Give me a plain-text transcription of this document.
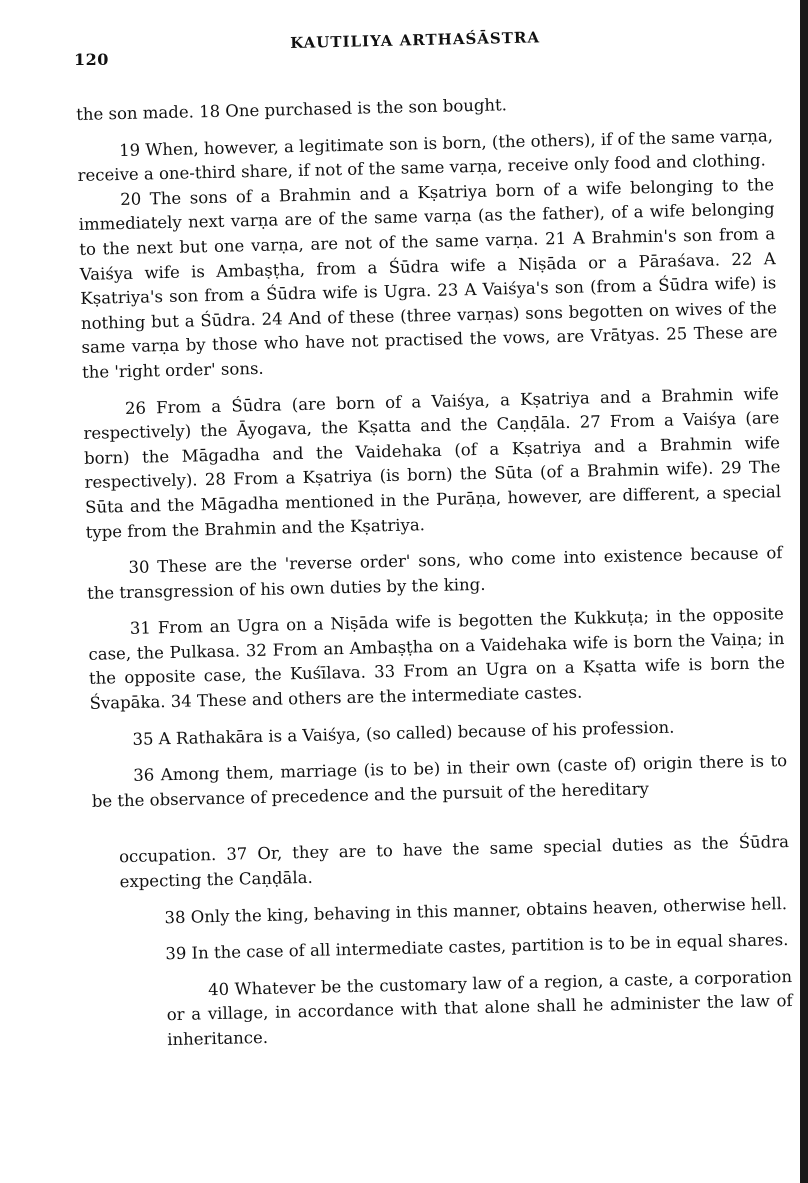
120
KAUTILIYA ARTHAŚĀSTRA

the son made. 18 One purchased is the son bought.

19 When, however, a legitimate son is born, (the others), if of the same varṇa, receive a one-third share, if not of the same varṇa, receive only food and clothing.

20 The sons of a Brahmin and a Kṣatriya born of a wife belonging to the immediately next varṇa are of the same varṇa (as the father), of a wife belonging to the next but one varṇa, are not of the same varṇa. 21 A Brahmin's son from a Vaiśya wife is Ambaṣṭha, from a Śūdra wife a Niṣāda or a Pāraśava. 22 A Kṣatriya's son from a Śūdra wife is Ugra. 23 A Vaiśya's son (from a Śūdra wife) is nothing but a Śūdra. 24 And of these (three varṇas) sons begotten on wives of the same varṇa by those who have not practised the vows, are Vrātyas. 25 These are the 'right order' sons.

26 From a Śūdra (are born of a Vaiśya, a Kṣatriya and a Brahmin wife respectively) the Āyogava, the Kṣatta and the Caṇḍāla. 27 From a Vaiśya (are born) the Māgadha and the Vaidehaka (of a Kṣatriya and a Brahmin wife respectively). 28 From a Kṣatriya (is born) the Sūta (of a Brahmin wife). 29 The Sūta and the Māgadha mentioned in the Purāṇa, however, are different, a special type from the Brahmin and the Kṣatriya.

30 These are the 'reverse order' sons, who come into existence because of the transgression of his own duties by the king.

31 From an Ugra on a Niṣāda wife is begotten the Kukkuṭa; in the opposite case, the Pulkasa. 32 From an Ambaṣṭha on a Vaidehaka wife is born the Vaiṇa; in the opposite case, the Kuśīlava. 33 From an Ugra on a Kṣatta wife is born the Śvapāka. 34 These and others are the intermediate castes.

35 A Rathakāra is a Vaiśya, (so called) because of his profession.

36 Among them, marriage (is to be) in their own (caste of) origin there is to be the observance of precedence and the pursuit of the hereditary

occupation. 37 Or, they are to have the same special duties as the Śūdra expecting the Caṇḍāla.

38 Only the king, behaving in this manner, obtains heaven, otherwise hell.

39 In the case of all intermediate castes, partition is to be in equal shares.

40 Whatever be the customary law of a region, a caste, a corporation or a village, in accordance with that alone shall he administer the law of inheritance.
